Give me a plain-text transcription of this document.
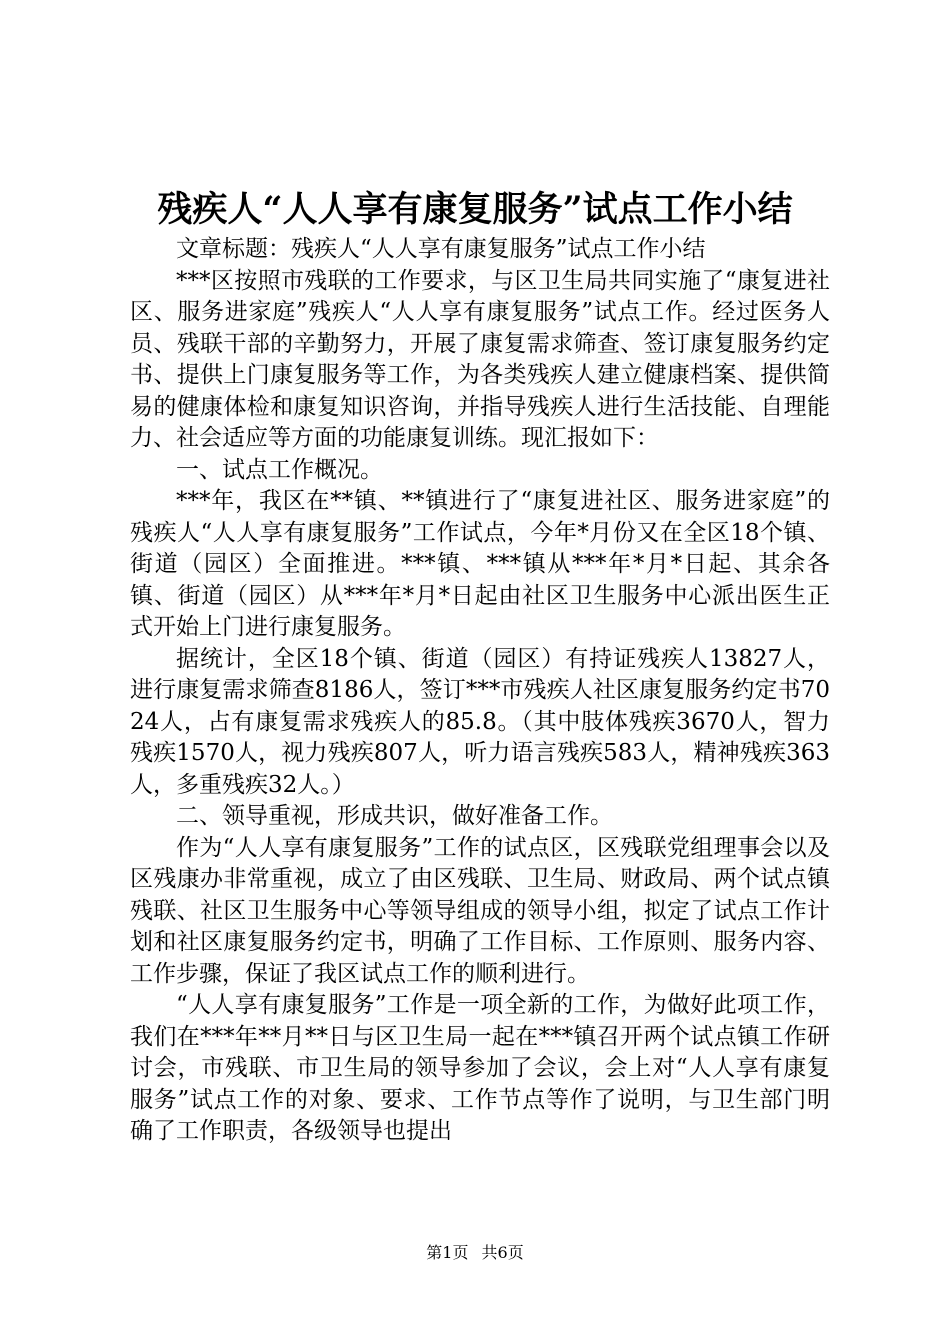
残疾人“人人享有康复服务”试点工作小结

文章标题：残疾人“人人享有康复服务”试点工作小结

***区按照市残联的工作要求，与区卫生局共同实施了“康复进社区、服务进家庭”残疾人“人人享有康复服务”试点工作。经过医务人员、残联干部的辛勤努力，开展了康复需求筛查、签订康复服务约定书、提供上门康复服务等工作，为各类残疾人建立健康档案、提供简易的健康体检和康复知识咨询，并指导残疾人进行生活技能、自理能力、社会适应等方面的功能康复训练。现汇报如下：

一、试点工作概况。

***年，我区在**镇、**镇进行了“康复进社区、服务进家庭”的残疾人“人人享有康复服务”工作试点，今年*月份又在全区18个镇、街道（园区）全面推进。***镇、***镇从***年*月*日起、其余各镇、街道（园区）从***年*月*日起由社区卫生服务中心派出医生正式开始上门进行康复服务。

据统计，全区18个镇、街道（园区）有持证残疾人13827人，进行康复需求筛查8186人，签订***市残疾人社区康复服务约定书7024人，占有康复需求残疾人的85.8。（其中肢体残疾3670人，智力残疾1570人，视力残疾807人，听力语言残疾583人，精神残疾363人，多重残疾32人。）

二、领导重视，形成共识，做好准备工作。

作为“人人享有康复服务”工作的试点区，区残联党组理事会以及区残康办非常重视，成立了由区残联、卫生局、财政局、两个试点镇残联、社区卫生服务中心等领导组成的领导小组，拟定了试点工作计划和社区康复服务约定书，明确了工作目标、工作原则、服务内容、工作步骤，保证了我区试点工作的顺利进行。

“人人享有康复服务”工作是一项全新的工作，为做好此项工作，我们在***年**月**日与区卫生局一起在***镇召开两个试点镇工作研讨会，市残联、市卫生局的领导参加了会议，会上对“人人享有康复服务”试点工作的对象、要求、工作节点等作了说明，与卫生部门明确了工作职责，各级领导也提出

第1页 共6页
